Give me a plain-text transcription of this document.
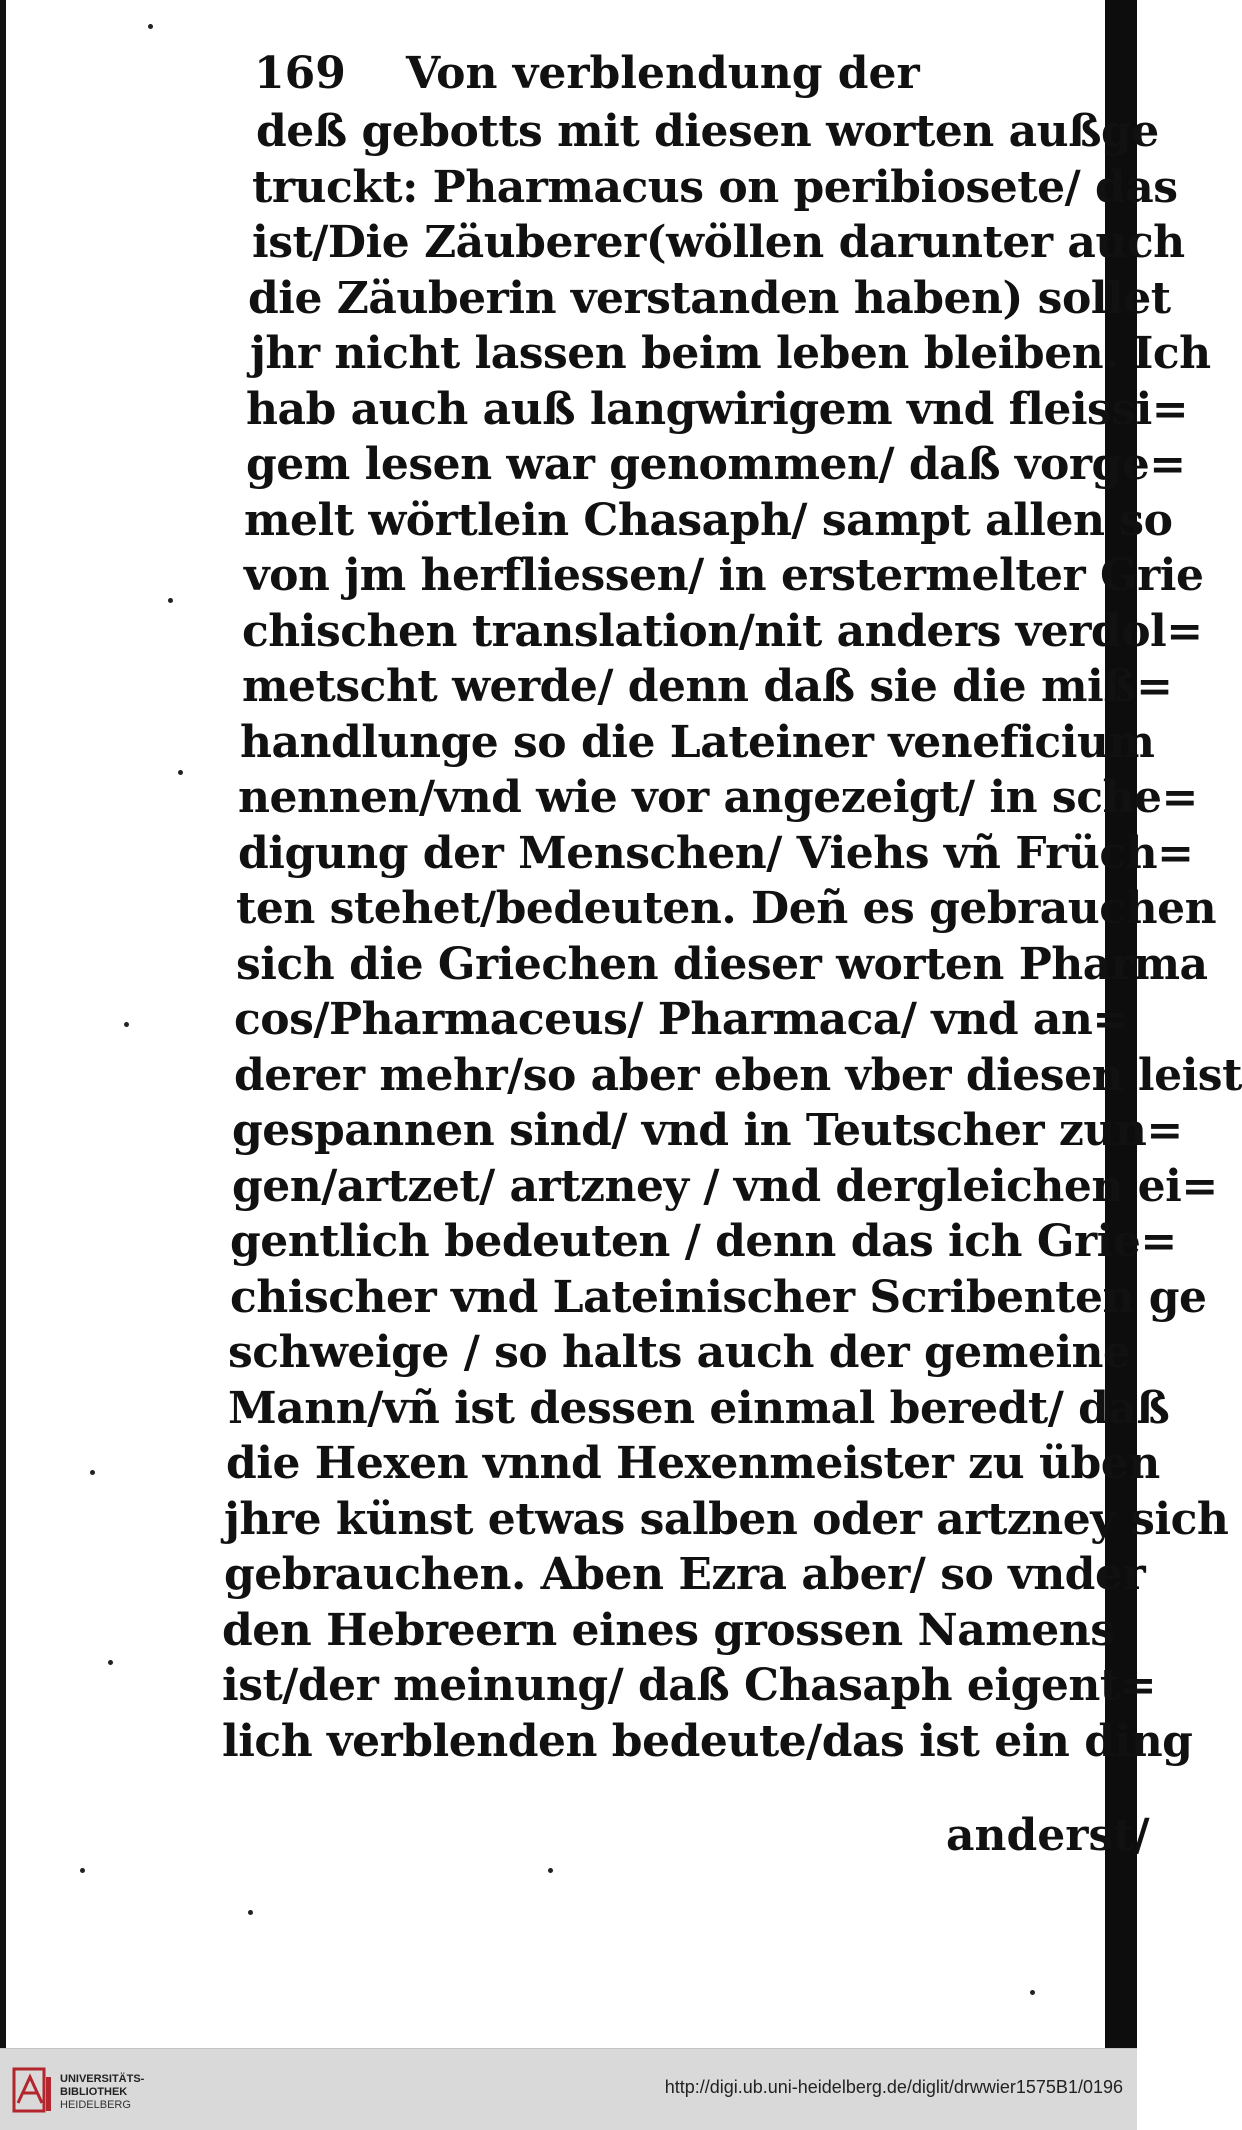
169 Von verblendung der
deß gebotts mit diesen worten außge
truckt: Pharmacus on peribiosete/ das
ist/Die Zäuberer(wöllen darunter auch
die Zäuberin verstanden haben) sollet
jhr nicht lassen beim leben bleiben. Ich
hab auch auß langwirigem vnd fleissi=
gem lesen war genommen/ daß vorge=
melt wörtlein Chasaph/ sampt allen so
von jm herfliessen/ in erstermelter Grie
chischen translation/nit anders verdol=
metscht werde/ denn daß sie die miß=
handlunge so die Lateiner veneficium
nennen/vnd wie vor angezeigt/ in sche=
digung der Menschen/ Viehs vñ Früch=
ten stehet/bedeuten. Deñ es gebrauchen
sich die Griechen dieser worten Pharma
cos/Pharmaceus/ Pharmaca/ vnd an=
derer mehr/so aber eben vber diesen leist
gespannen sind/ vnd in Teutscher zun=
gen/artzet/ artzney / vnd dergleichen ei=
gentlich bedeuten / denn das ich Grie=
chischer vnd Lateinischer Scribenten ge
schweige / so halts auch der gemeine
Mann/vñ ist dessen einmal beredt/ daß
die Hexen vnnd Hexenmeister zu üben
jhre künst etwas salben oder artzney sich
gebrauchen. Aben Ezra aber/ so vnder
den Hebreern eines grossen Namens
ist/der meinung/ daß Chasaph eigent=
lich verblenden bedeute/das ist ein ding
anderst/
UNIVERSITÄTS-
BIBLIOTHEK
HEIDELBERG
http://digi.ub.uni-heidelberg.de/diglit/drwwier1575B1/0196
